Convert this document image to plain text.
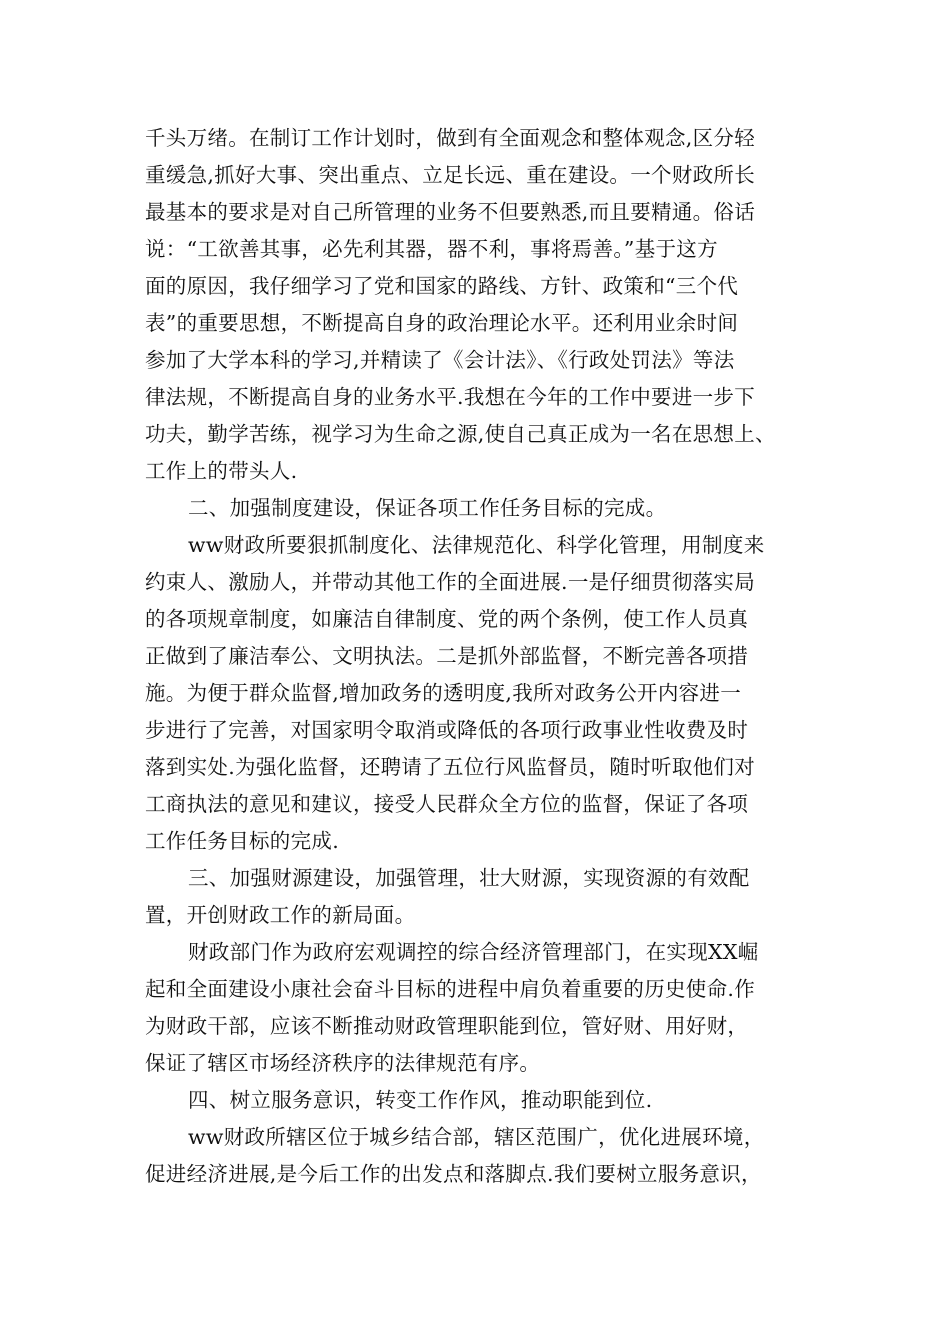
千头万绪。在制订工作计划时，做到有全面观念和整体观念,区分轻
重缓急,抓好大事、突出重点、立足长远、重在建设。一个财政所长
最基本的要求是对自己所管理的业务不但要熟悉,而且要精通。俗话
说：“工欲善其事，必先利其器，器不利，事将焉善。”基于这方
面的原因，我仔细学习了党和国家的路线、方针、政策和“三个代
表”的重要思想，不断提高自身的政治理论水平。还利用业余时间
参加了大学本科的学习,并精读了《会计法》、《行政处罚法》等法
律法规，不断提高自身的业务水平.我想在今年的工作中要进一步下
功夫，勤学苦练，视学习为生命之源,使自己真正成为一名在思想上、
工作上的带头人.
二、加强制度建设，保证各项工作任务目标的完成。
ww财政所要狠抓制度化、法律规范化、科学化管理，用制度来
约束人、激励人，并带动其他工作的全面进展.一是仔细贯彻落实局
的各项规章制度，如廉洁自律制度、党的两个条例，使工作人员真
正做到了廉洁奉公、文明执法。二是抓外部监督，不断完善各项措
施。为便于群众监督,增加政务的透明度,我所对政务公开内容进一
步进行了完善，对国家明令取消或降低的各项行政事业性收费及时
落到实处.为强化监督，还聘请了五位行风监督员，随时听取他们对
工商执法的意见和建议，接受人民群众全方位的监督，保证了各项
工作任务目标的完成.
三、加强财源建设，加强管理，壮大财源，实现资源的有效配
置，开创财政工作的新局面。
财政部门作为政府宏观调控的综合经济管理部门，在实现XX崛
起和全面建设小康社会奋斗目标的进程中肩负着重要的历史使命.作
为财政干部，应该不断推动财政管理职能到位，管好财、用好财，
保证了辖区市场经济秩序的法律规范有序。
四、树立服务意识，转变工作作风，推动职能到位.
ww财政所辖区位于城乡结合部，辖区范围广，优化进展环境，
促进经济进展,是今后工作的出发点和落脚点.我们要树立服务意识，
